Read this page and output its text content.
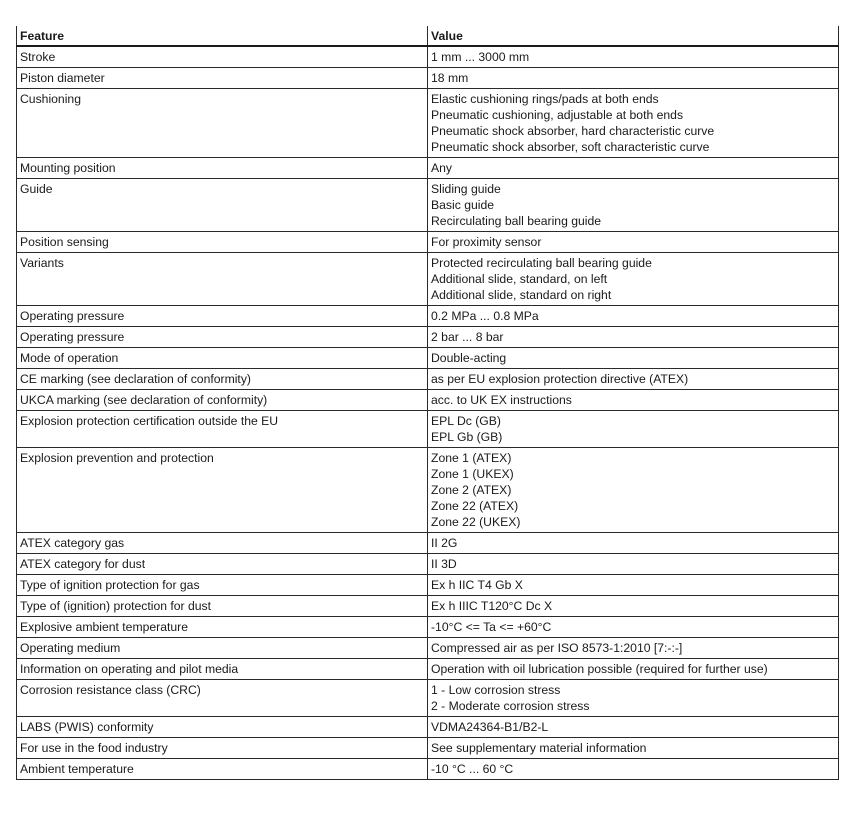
Feature	Value
Stroke	1 mm ... 3000 mm

Piston diameter	18 mm

Cushioning	Elastic cushioning rings/pads at both ends
Pneumatic cushioning, adjustable at both ends
Pneumatic shock absorber, hard characteristic curve
Pneumatic shock absorber, soft characteristic curve

Mounting position	Any

Guide	Sliding guide
Basic guide
Recirculating ball bearing guide

Position sensing	For proximity sensor

Variants	Protected recirculating ball bearing guide
Additional slide, standard, on left
Additional slide, standard on right

Operating pressure	0.2 MPa ... 0.8 MPa

Operating pressure	2 bar ... 8 bar

Mode of operation	Double-acting

CE marking (see declaration of conformity)	as per EU explosion protection directive (ATEX)

UKCA marking (see declaration of conformity)	acc. to UK EX instructions

Explosion protection certification outside the EU	EPL Dc (GB)
EPL Gb (GB)

Explosion prevention and protection	Zone 1 (ATEX)
Zone 1 (UKEX)
Zone 2 (ATEX)
Zone 22 (ATEX)
Zone 22 (UKEX)

ATEX category gas	II 2G

ATEX category for dust	II 3D

Type of ignition protection for gas	Ex h IIC T4 Gb X

Type of (ignition) protection for dust	Ex h IIIC T120°C Dc X

Explosive ambient temperature	-10°C <= Ta <= +60°C

Operating medium	Compressed air as per ISO 8573-1:2010 [7:-:-]

Information on operating and pilot media	Operation with oil lubrication possible (required for further use)

Corrosion resistance class (CRC)	1 - Low corrosion stress
2 - Moderate corrosion stress

LABS (PWIS) conformity	VDMA24364-B1/B2-L

For use in the food industry	See supplementary material information

Ambient temperature	-10 °C ... 60 °C
